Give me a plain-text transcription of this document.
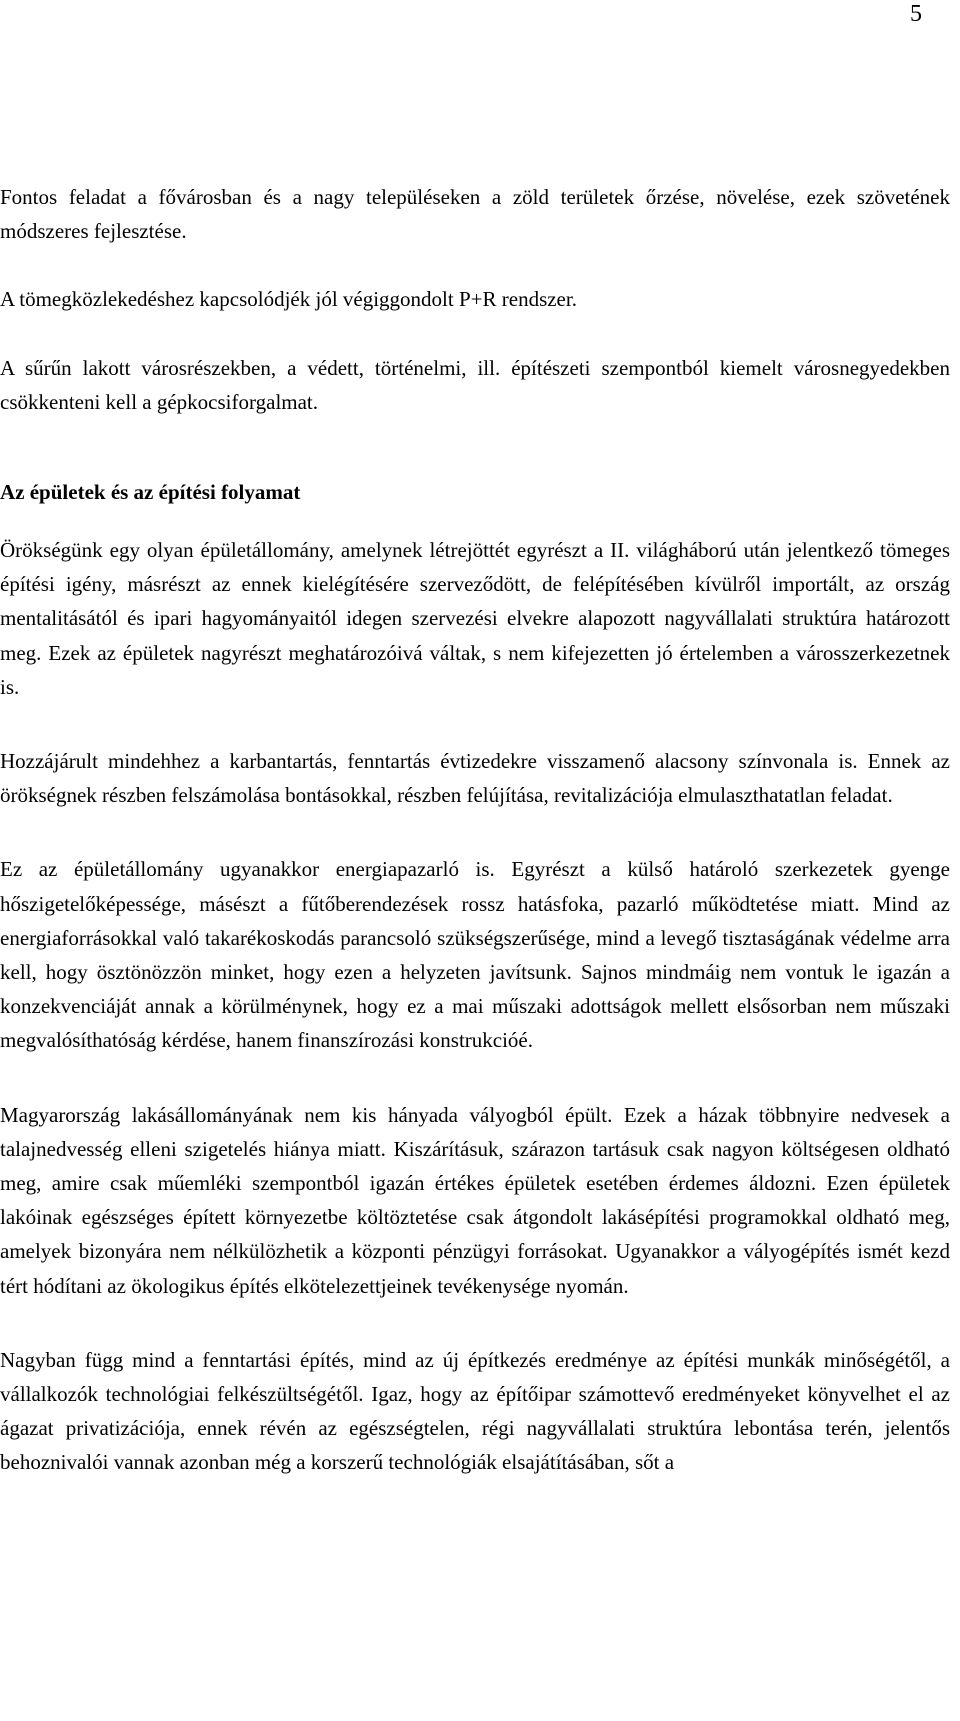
5

Fontos feladat a fővárosban és a nagy településeken a zöld területek őrzése, növelése, ezek szövetének módszeres fejlesztése.

A tömegközlekedéshez kapcsolódjék jól végiggondolt P+R rendszer.

A sűrűn lakott városrészekben, a védett, történelmi, ill. építészeti szempontból kiemelt városnegyedekben csökkenteni kell a gépkocsiforgalmat.

Az épületek és az építési folyamat

Örökségünk egy olyan épületállomány, amelynek létrejöttét egyrészt a II. világháború után jelentkező tömeges építési igény, másrészt az ennek kielégítésére szerveződött, de felépítésében kívülről importált, az ország mentalitásától és ipari hagyományaitól idegen szervezési elvekre alapozott nagyvállalati struktúra határozott meg. Ezek az épületek nagyrészt meghatározóivá váltak, s nem kifejezetten jó értelemben a városszerkezetnek is.

Hozzájárult mindehhez a karbantartás, fenntartás évtizedekre visszamenő alacsony színvonala is. Ennek az örökségnek részben felszámolása bontásokkal, részben felújítása, revitalizációja elmulaszthatatlan feladat.

Ez az épületállomány ugyanakkor energiapazarló is. Egyrészt a külső határoló szerkezetek gyenge hőszigetelőképessége, másészt a fűtőberendezések rossz hatásfoka, pazarló működtetése miatt. Mind az energiaforrásokkal való takarékoskodás parancsoló szükségszerűsége, mind a levegő tisztaságának védelme arra kell, hogy ösztönözzön minket, hogy ezen a helyzeten javítsunk. Sajnos mindmáig nem vontuk le igazán a konzekvenciáját annak a körülménynek, hogy ez a mai műszaki adottságok mellett elsősorban nem műszaki megvalósíthatóság kérdése, hanem finanszírozási konstrukcióé.

Magyarország lakásállományának nem kis hányada vályogból épült. Ezek a házak többnyire nedvesek a talajnedvesség elleni szigetelés hiánya miatt. Kiszárításuk, szárazon tartásuk csak nagyon költségesen oldható meg, amire csak műemléki szempontból igazán értékes épületek esetében érdemes áldozni. Ezen épületek lakóinak egészséges épített környezetbe költöztetése csak átgondolt lakásépítési programokkal oldható meg, amelyek bizonyára nem nélkülözhetik a központi pénzügyi forrásokat. Ugyanakkor a vályogépítés ismét kezd tért hódítani az ökologikus építés elkötelezettjeinek tevékenysége nyomán.

Nagyban függ mind a fenntartási építés, mind az új építkezés eredménye az építési munkák minőségétől, a vállalkozók technológiai felkészültségétől. Igaz, hogy az építőipar számottevő eredményeket könyvelhet el az ágazat privatizációja, ennek révén az egészségtelen, régi nagyvállalati struktúra lebontása terén, jelentős behoznivalói vannak azonban még a korszerű technológiák elsajátításában, sőt a
